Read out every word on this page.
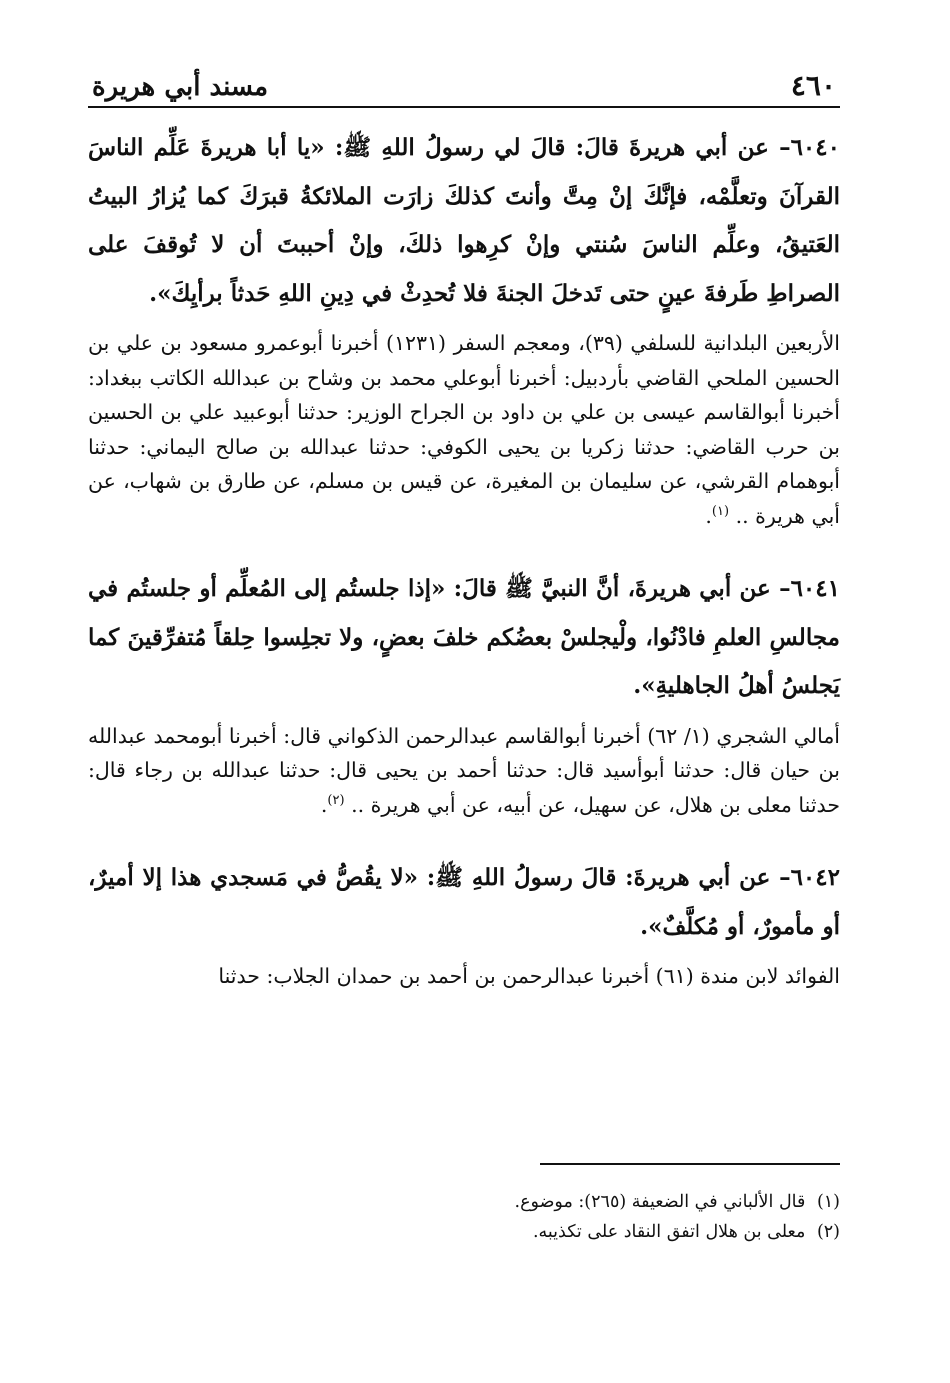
٤٦٠
مسند أبي هريرة

٦٠٤٠– عن أبي هريرةَ قالَ: قالَ لي رسولُ اللهِ ﷺ: «يا أبا هريرةَ عَلِّم الناسَ القرآنَ وتعلَّمْه، فإنَّكَ إنْ مِتَّ وأنتَ كذلكَ زارَت الملائكةُ قبرَكَ كما يُزارُ البيتُ العَتيقُ، وعلِّم الناسَ سُنتي وإنْ كرِهوا ذلكَ، وإنْ أحببتَ أن لا تُوقفَ على الصراطِ طَرفةَ عينٍ حتى تَدخلَ الجنةَ فلا تُحدِثْ في دِينِ اللهِ حَدثاً برأيِكَ».

الأربعين البلدانية للسلفي (٣٩)، ومعجم السفر (١٢٣١) أخبرنا أبوعمرو مسعود بن علي بن الحسين الملحي القاضي بأردبيل: أخبرنا أبوعلي محمد بن وشاح بن عبدالله الكاتب ببغداد: أخبرنا أبوالقاسم عيسى بن علي بن داود بن الجراح الوزير: حدثنا أبوعبيد علي بن الحسين بن حرب القاضي: حدثنا زكريا بن يحيى الكوفي: حدثنا عبدالله بن صالح اليماني: حدثنا أبوهمام القرشي، عن سليمان بن المغيرة، عن قيس بن مسلم، عن طارق بن شهاب، عن أبي هريرة .. $^{(١)}$.

٦٠٤١– عن أبي هريرةَ، أنَّ النبيَّ ﷺ قالَ: «إذا جلستُم إلى المُعلِّم أو جلستُم في مجالسِ العلمِ فادْنُوا، ولْيجلسْ بعضُكم خلفَ بعضٍ، ولا تجلِسوا حِلقاً مُتفرِّقينَ كما يَجلسُ أهلُ الجاهليةِ».

أمالي الشجري (١/ ٦٢) أخبرنا أبوالقاسم عبدالرحمن الذكواني قال: أخبرنا أبومحمد عبدالله بن حيان قال: حدثنا أبوأسيد قال: حدثنا أحمد بن يحيى قال: حدثنا عبدالله بن رجاء قال: حدثنا معلى بن هلال، عن سهيل، عن أبيه، عن أبي هريرة .. $^{(٢)}$.

٦٠٤٢– عن أبي هريرةَ: قالَ رسولُ اللهِ ﷺ: «لا يقُصُّ في مَسجدي هذا إلا أميرٌ، أو مأمورٌ، أو مُكلَّفٌ».

الفوائد لابن مندة (٦١) أخبرنا عبدالرحمن بن أحمد بن حمدان الجلاب: حدثنا

(١) قال الألباني في الضعيفة (٢٦٥): موضوع.
(٢) معلى بن هلال اتفق النقاد على تكذيبه.
